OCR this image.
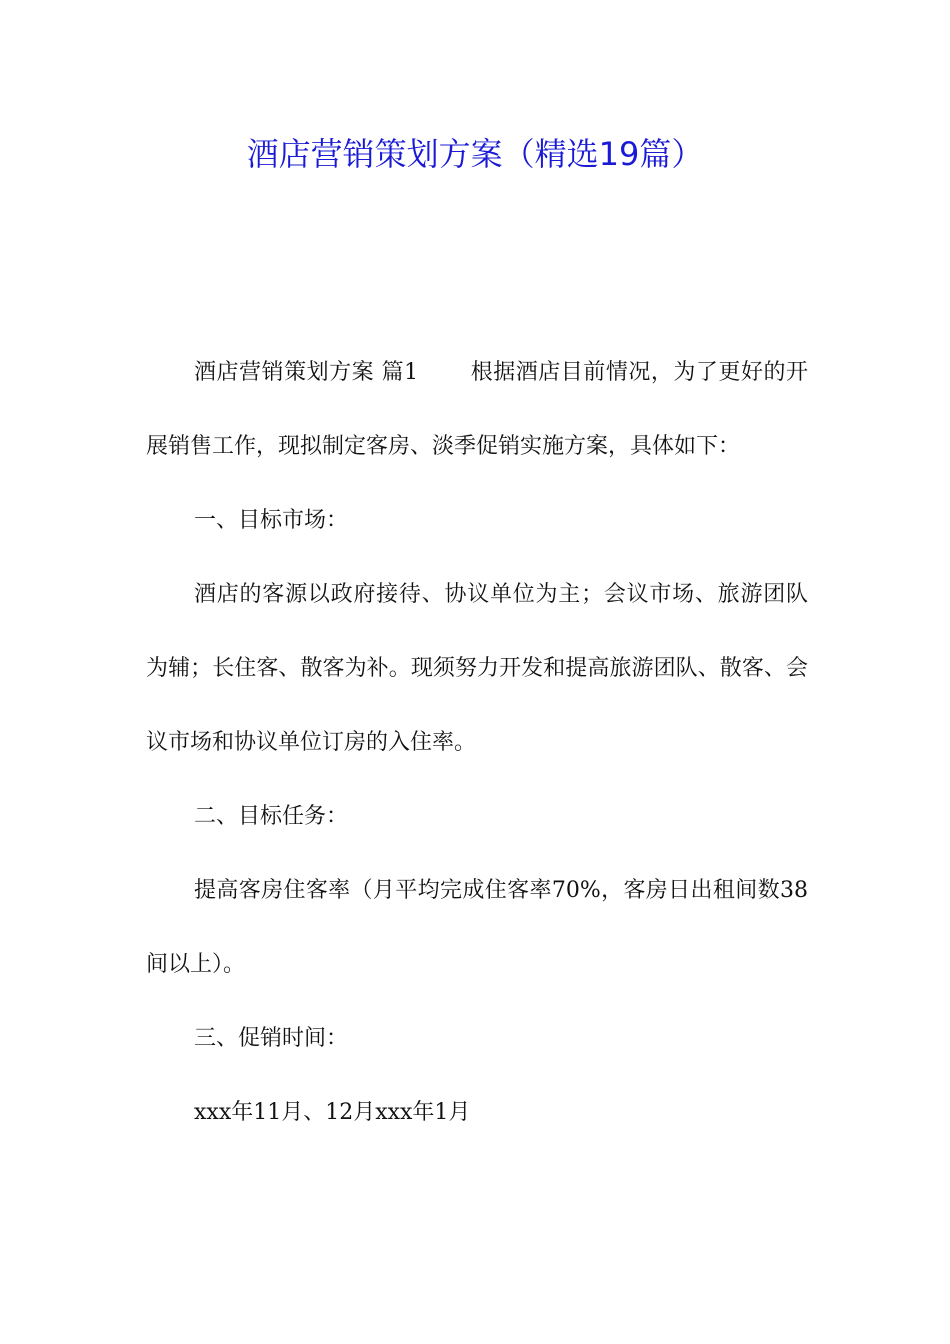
酒店营销策划方案（精选19篇）

酒店营销策划方案 篇1 根据酒店目前情况，为了更好的开展销售工作，现拟制定客房、淡季促销实施方案，具体如下：

一、目标市场：

酒店的客源以政府接待、协议单位为主；会议市场、旅游团队为辅；长住客、散客为补。现须努力开发和提高旅游团队、散客、会议市场和协议单位订房的入住率。

二、目标任务：

提高客房住客率（月平均完成住客率70%，客房日出租间数38间以上）。

三、促销时间：

xxx年11月、12月xxx年1月
